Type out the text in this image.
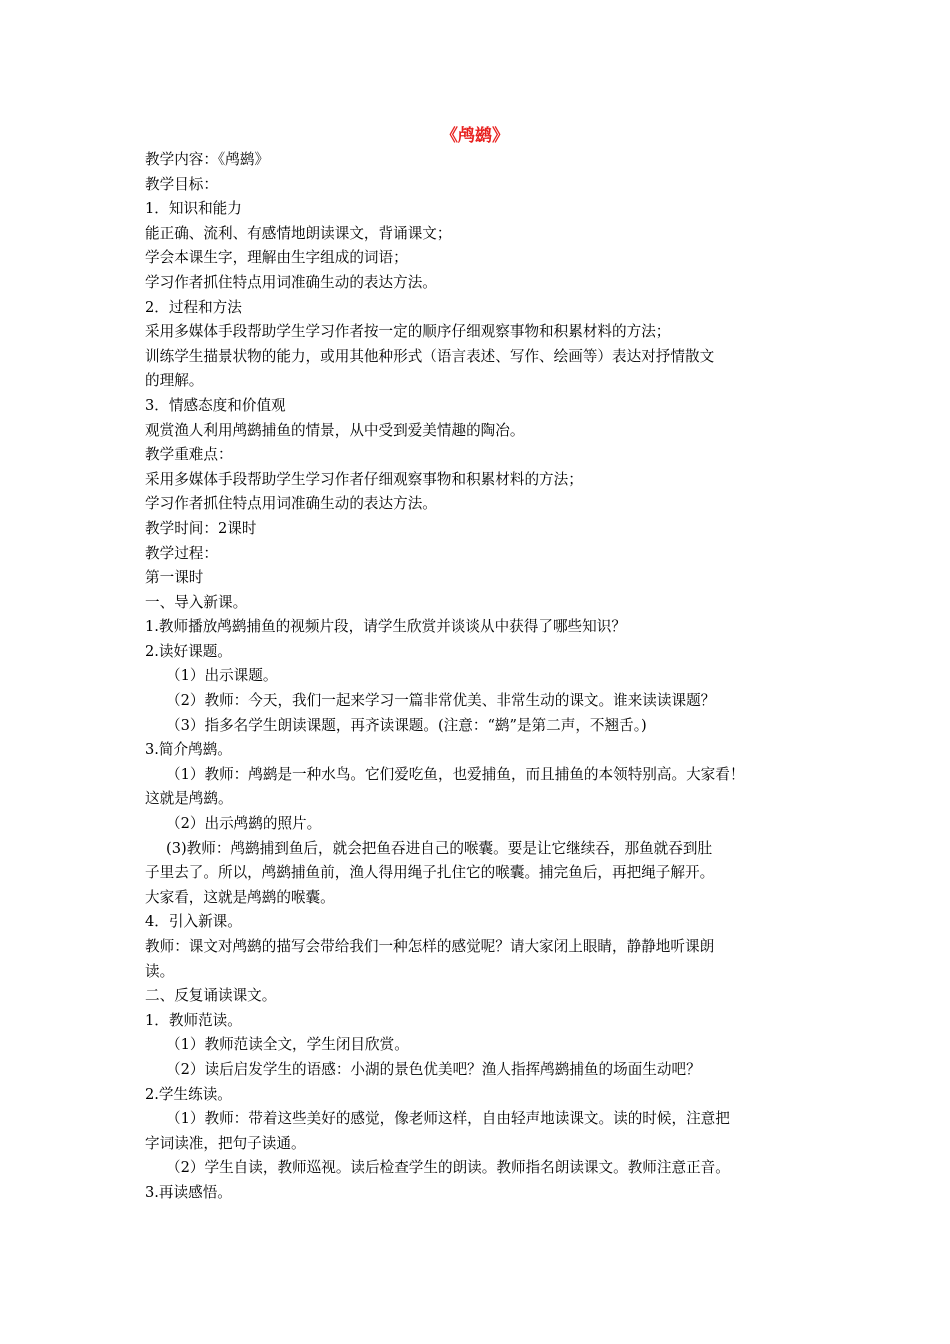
《鸬鹚》
教学内容：《鸬鹚》
教学目标：
1．知识和能力
能正确、流利、有感情地朗读课文，背诵课文；
学会本课生字，理解由生字组成的词语；
学习作者抓住特点用词准确生动的表达方法。
2．过程和方法
采用多媒体手段帮助学生学习作者按一定的顺序仔细观察事物和积累材料的方法；
训练学生描景状物的能力，或用其他种形式（语言表述、写作、绘画等）表达对抒情散文
的理解。
3．情感态度和价值观
观赏渔人利用鸬鹚捕鱼的情景，从中受到爱美情趣的陶冶。
教学重难点：
采用多媒体手段帮助学生学习作者仔细观察事物和积累材料的方法；
学习作者抓住特点用词准确生动的表达方法。
教学时间：2课时
教学过程：
第一课时
一、导入新课。
1.教师播放鸬鹚捕鱼的视频片段，请学生欣赏并谈谈从中获得了哪些知识？
2.读好课题。
（1）出示课题。
（2）教师：今天，我们一起来学习一篇非常优美、非常生动的课文。谁来读读课题？
（3）指多名学生朗读课题，再齐读课题。(注意：“鹚”是第二声，不翘舌。)
3.简介鸬鹚。
（1）教师：鸬鹚是一种水鸟。它们爱吃鱼，也爱捕鱼，而且捕鱼的本领特别高。大家看！
这就是鸬鹚。
（2）出示鸬鹚的照片。
(3)教师：鸬鹚捕到鱼后，就会把鱼吞进自己的喉囊。要是让它继续吞，那鱼就吞到肚
子里去了。所以，鸬鹚捕鱼前，渔人得用绳子扎住它的喉囊。捕完鱼后，再把绳子解开。
大家看，这就是鸬鹚的喉囊。
4．引入新课。
教师：课文对鸬鹚的描写会带给我们一种怎样的感觉呢？请大家闭上眼睛，静静地听课朗
读。
二、反复诵读课文。
1．教师范读。
（1）教师范读全文，学生闭目欣赏。
（2）读后启发学生的语感：小湖的景色优美吧？渔人指挥鸬鹚捕鱼的场面生动吧？
2.学生练读。
（1）教师：带着这些美好的感觉，像老师这样，自由轻声地读课文。读的时候，注意把
字词读准，把句子读通。
（2）学生自读，教师巡视。读后检查学生的朗读。教师指名朗读课文。教师注意正音。
3.再读感悟。
